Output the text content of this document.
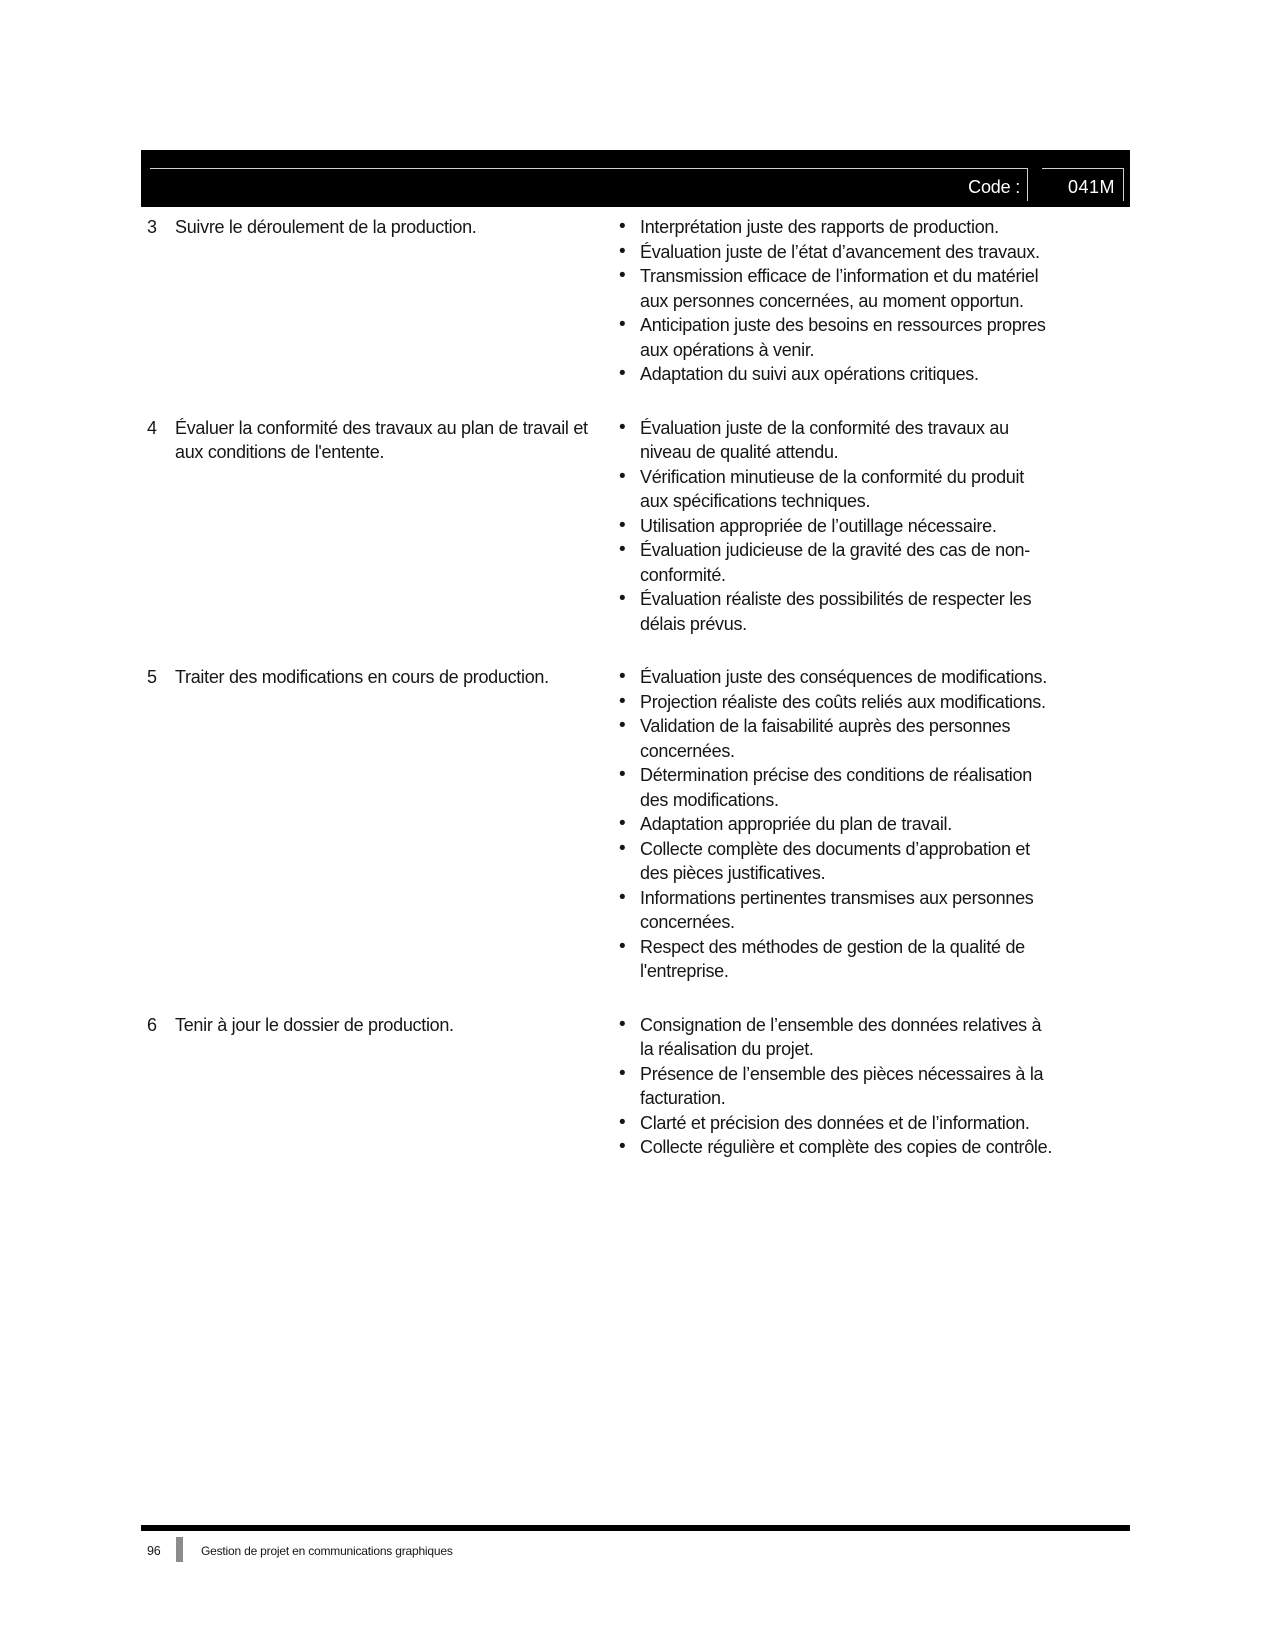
Code :	041M
3	Suivre le déroulement de la production.	• Interprétation juste des rapports de production.
• Évaluation juste de l’état d’avancement des travaux.
• Transmission efficace de l’information et du matériel aux personnes concernées, au moment opportun.
• Anticipation juste des besoins en ressources propres aux opérations à venir.
• Adaptation du suivi aux opérations critiques.
4	Évaluer la conformité des travaux au plan de travail et aux conditions de l'entente.
• Évaluation juste de la conformité des travaux au niveau de qualité attendu.
• Vérification minutieuse de la conformité du produit aux spécifications techniques.
• Utilisation appropriée de l’outillage nécessaire.
• Évaluation judicieuse de la gravité des cas de non-conformité.
• Évaluation réaliste des possibilités de respecter les délais prévus.
5	Traiter des modifications en cours de production.	• Évaluation juste des conséquences de modifications.
• Projection réaliste des coûts reliés aux modifications.
• Validation de la faisabilité auprès des personnes concernées.
• Détermination précise des conditions de réalisation des modifications.
• Adaptation appropriée du plan de travail.
• Collecte complète des documents d’approbation et des pièces justificatives.
• Informations pertinentes transmises aux personnes concernées.
• Respect des méthodes de gestion de la qualité de l'entreprise.
6	Tenir à jour le dossier de production.	• Consignation de l’ensemble des données relatives à la réalisation du projet.
• Présence de l’ensemble des pièces nécessaires à la facturation.
• Clarté et précision des données et de l’information.
• Collecte régulière et complète des copies de contrôle.
96	Gestion de projet en communications graphiques
